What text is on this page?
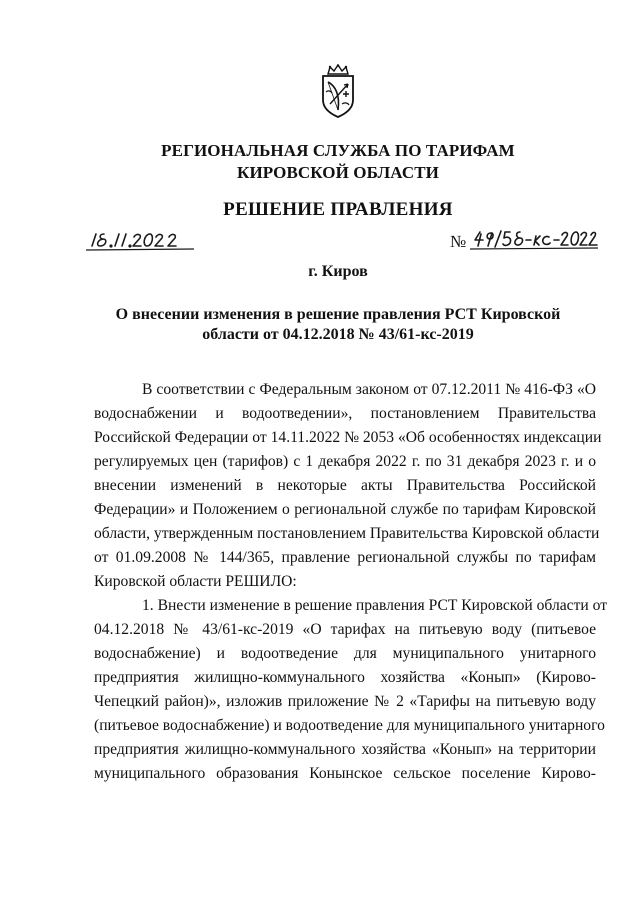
РЕГИОНАЛЬНАЯ СЛУЖБА ПО ТАРИФАМ
КИРОВСКОЙ ОБЛАСТИ
РЕШЕНИЕ ПРАВЛЕНИЯ
№
г. Киров
О внесении изменения в решение правления РСТ Кировской
области от 04.12.2018 № 43/61-кс-2019
В соответствии с Федеральным законом от 07.12.2011 № 416-ФЗ «О
водоснабжении и водоотведении», постановлением Правительства
Российской Федерации от 14.11.2022 № 2053 «Об особенностях индексации
регулируемых цен (тарифов) с 1 декабря 2022 г. по 31 декабря 2023 г. и о
внесении изменений в некоторые акты Правительства Российской
Федерации» и Положением о региональной службе по тарифам Кировской
области, утвержденным постановлением Правительства Кировской области
от 01.09.2008 № 144/365, правление региональной службы по тарифам
Кировской области РЕШИЛО:
1. Внести изменение в решение правления РСТ Кировской области от
04.12.2018 № 43/61-кс-2019 «О тарифах на питьевую воду (питьевое
водоснабжение) и водоотведение для муниципального унитарного
предприятия жилищно-коммунального хозяйства «Конып» (Кирово-
Чепецкий район)», изложив приложение № 2 «Тарифы на питьевую воду
(питьевое водоснабжение) и водоотведение для муниципального унитарного
предприятия жилищно-коммунального хозяйства «Конып» на территории
муниципального образования Конынское сельское поселение Кирово-
